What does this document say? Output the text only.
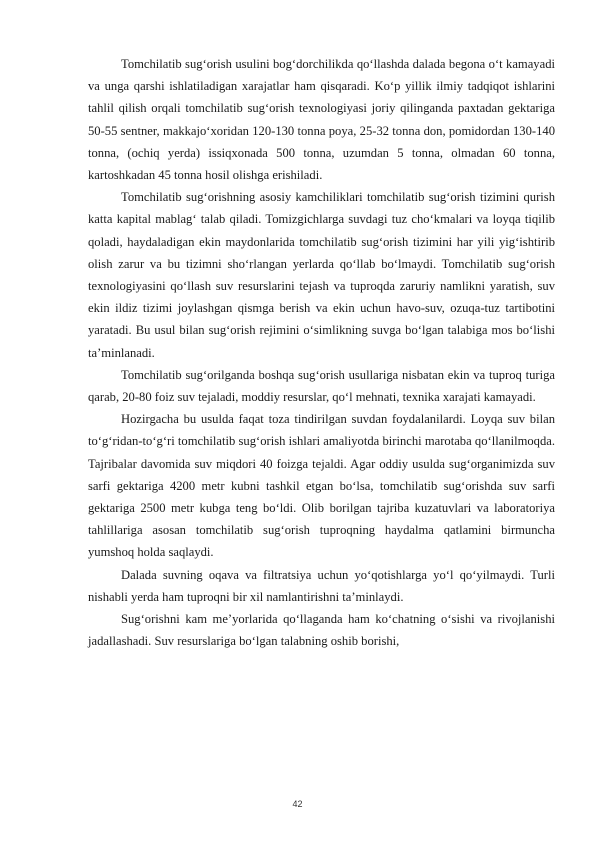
Tomchilatib sug‘orish usulini bog‘dorchilikda qo‘llashda dalada begona o‘t kamayadi va unga qarshi ishlatiladigan xarajatlar ham qisqaradi. Ko‘p yillik ilmiy tadqiqot ishlarini tahlil qilish orqali tomchilatib sug‘orish texnologiyasi joriy qilinganda paxtadan gektariga 50-55 sentner, makkajo‘xoridan 120-130 tonna poya, 25-32 tonna don, pomidordan 130-140 tonna, (ochiq yerda) issiqxonada 500 tonna, uzumdan 5 tonna, olmadan 60 tonna, kartoshkadan 45 tonna hosil olishga erishiladi.

Tomchilatib sug‘orishning asosiy kamchiliklari tomchilatib sug‘orish tizimini qurish katta kapital mablag‘ talab qiladi. Tomizgichlarga suvdagi tuz cho‘kmalari va loyqa tiqilib qoladi, haydaladigan ekin maydonlarida tomchilatib sug‘orish tizimini har yili yig‘ishtirib olish zarur va bu tizimni sho‘rlangan yerlarda qo‘llab bo‘lmaydi. Tomchilatib sug‘orish texnologiyasini qo‘llash suv resurslarini tejash va tuproqda zaruriy namlikni yaratish, suv ekin ildiz tizimi joylashgan qismga berish va ekin uchun havo-suv, ozuqa-tuz tartibotini yaratadi. Bu usul bilan sug‘orish rejimini o‘simlikning suvga bo‘lgan talabiga mos bo‘lishi ta’minlanadi.

Tomchilatib sug‘orilganda boshqa sug‘orish usullariga nisbatan ekin va tuproq turiga qarab, 20-80 foiz suv tejaladi, moddiy resurslar, qo‘l mehnati, texnika xarajati kamayadi.

Hozirgacha bu usulda faqat toza tindirilgan suvdan foydalanilardi. Loyqa suv bilan to‘g‘ridan-to‘g‘ri tomchilatib sug‘orish ishlari amaliyotda birinchi marotaba qo‘llanilmoqda. Tajribalar davomida suv miqdori 40 foizga tejaldi. Agar oddiy usulda sug‘organimizda suv sarfi gektariga 4200 metr kubni tashkil etgan bo‘lsa, tomchilatib sug‘orishda suv sarfi gektariga 2500 metr kubga teng bo‘ldi. Olib borilgan tajriba kuzatuvlari va laboratoriya tahlillariga asosan tomchilatib sug‘orish tuproqning haydalma qatlamini birmuncha yumshoq holda saqlaydi.

Dalada suvning oqava va filtratsiya uchun yo‘qotishlarga yo‘l qo‘yilmaydi. Turli nishabli yerda ham tuproqni bir xil namlantirishni ta’minlaydi.

Sug‘orishni kam me’yorlarida qo‘llaganda ham ko‘chatning o‘sishi va rivojlanishi jadallashadi. Suv resurslariga bo‘lgan talabning oshib borishi,

42
